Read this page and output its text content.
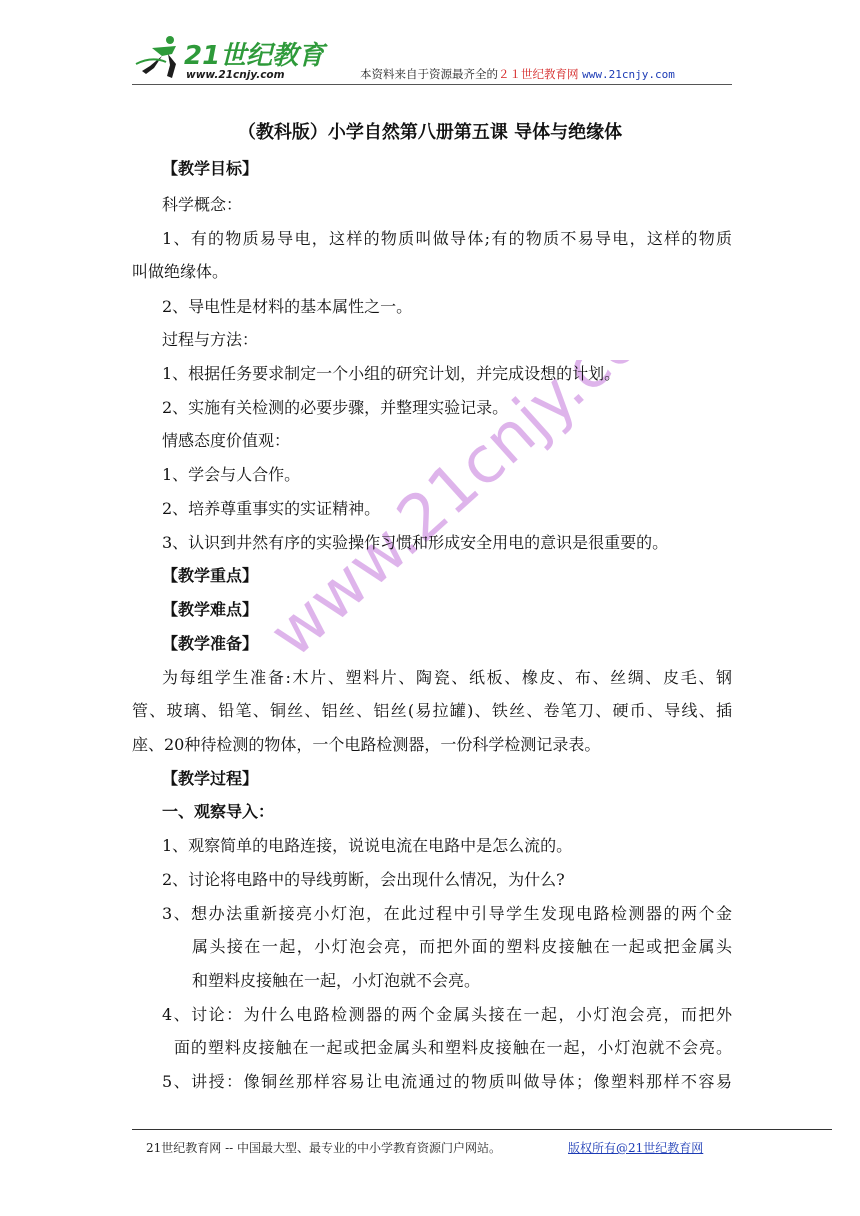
21世纪教育
www.21cnjy.com	本资料来自于资源最齐全的２１世纪教育网 www.21cnjy.com
（教科版）小学自然第八册第五课 导体与绝缘体
www.21cnjy.com
【教学目标】
科学概念：
1、有的物质易导电，这样的物质叫做导体;有的物质不易导电，这样的物质
叫做绝缘体。
2、导电性是材料的基本属性之一。
过程与方法：
1、根据任务要求制定一个小组的研究计划，并完成设想的计划。
2、实施有关检测的必要步骤，并整理实验记录。
情感态度价值观：
1、学会与人合作。
2、培养尊重事实的实证精神。
3、认识到井然有序的实验操作习惯和形成安全用电的意识是很重要的。
【教学重点】
【教学难点】
【教学准备】
为每组学生准备:木片、塑料片、陶瓷、纸板、橡皮、布、丝绸、皮毛、钢
管、玻璃、铅笔、铜丝、铝丝、铝丝(易拉罐)、铁丝、卷笔刀、硬币、导线、插
座、20种待检测的物体，一个电路检测器，一份科学检测记录表。
【教学过程】
一、观察导入：
1、观察简单的电路连接，说说电流在电路中是怎么流的。
2、讨论将电路中的导线剪断，会出现什么情况，为什么?
3、想办法重新接亮小灯泡，在此过程中引导学生发现电路检测器的两个金
属头接在一起，小灯泡会亮，而把外面的塑料皮接触在一起或把金属头
和塑料皮接触在一起，小灯泡就不会亮。
4、讨论：为什么电路检测器的两个金属头接在一起，小灯泡会亮，而把外
面的塑料皮接触在一起或把金属头和塑料皮接触在一起，小灯泡就不会亮。
5、讲授：像铜丝那样容易让电流通过的物质叫做导体；像塑料那样不容易
21世纪教育网 -- 中国最大型、最专业的中小学教育资源门户网站。	版权所有@21世纪教育网
